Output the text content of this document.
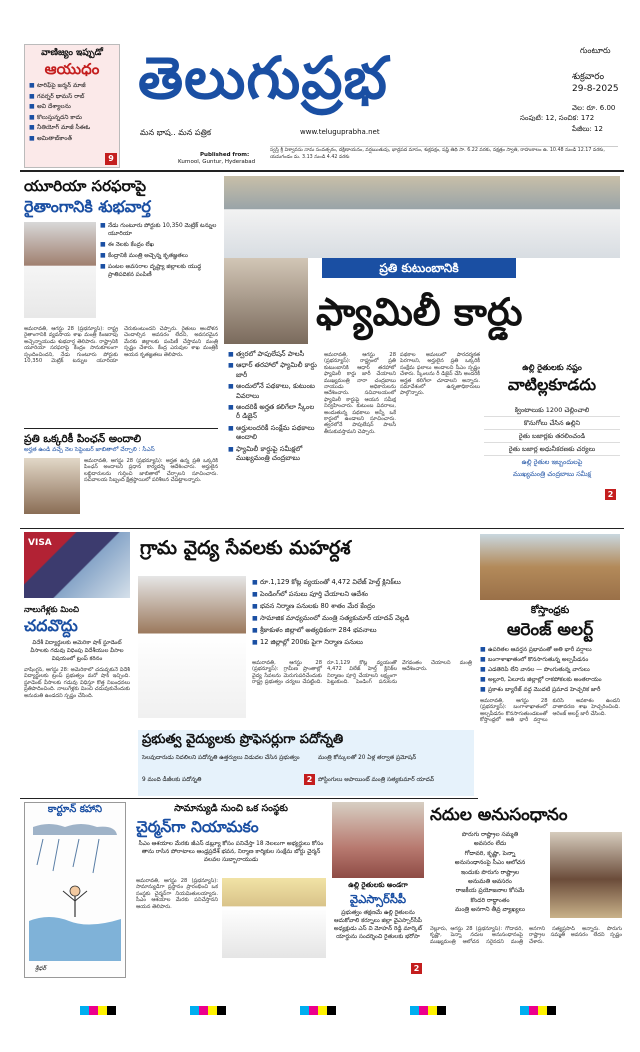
వాణిజ్యం ఇప్పుడో
ఆయుధం
■ టారిఫ్‌పై జర్మన్ మాజీ
■ గవర్నర్ థామస్ రాబ్
■ అవి దేశ్యాలను
■ కొలుస్తున్నదని కాదు
■ నీతియోగ్ మాజీ సీఈఓ
■ అమితాబ్‌కాంత్
9
తెలుగుప్రభ
మన భాష.. మన పత్రిక	www.teluguprabha.net
Published from:
Kurnool, Guntur, Hyderabad
గుంటూరు
శుక్రవారం
29-8-2025
వెల: రూ. 6.00
సంపుటి: 12, సంచిక: 172
పేజీలు: 12
స్వస్తి శ్రీ విశ్వావసు నామ సంవత్సరం, దక్షిణాయనం, వర్షఋతువు, భాద్రపద మాసం, శుక్లపక్షం, షష్ఠి తిథి సా. 6.22 వరకు, నక్షత్రం స్వాతి, రాహుకాలం ఉ. 10.48 నుండి 12.17 వరకు, యమగండం మ. 3.13 నుండి 4.42 వరకు
యూరియా సరఫరాపై
రైతాంగానికి శుభవార్త
■ నేడు గుంటూరు పోర్టుకు 10,350 మెట్రిక్ టన్నుల యూరియా
■ ఈ నెలకు కేంద్రం లేఖ
■ కేంద్రానికి మంత్రి అచ్చెన్న కృతజ్ఞతలు
■ పంటల అవసరాల దృష్ట్యా జిల్లాలకు యుద్ధ ప్రాతిపదికన పంపిణీ
అమరావతి, ఆగస్టు 28 (ప్రభన్యూస్): రాష్ట్ర రైతాంగానికి వ్యవసాయ శాఖ మంత్రి కింజరాపు అచ్చెన్నాయుడు శుభవార్త తెలిపారు. రాష్ట్రానికి యూరియా సరఫరాపై కేంద్రం సానుకూలంగా స్పందించిందని, నేడు గుంటూరు పోర్టుకు 10,350 మెట్రిక్ టన్నుల యూరియా చేరుకుంటుందని చెప్పారు. రైతులు ఆందోళన చెందాల్సిన అవసరం లేదని, అవసరమైన మేరకు జిల్లాలకు పంపిణీ చేస్తామని మంత్రి స్పష్టం చేశారు. కేంద్ర ఎరువుల శాఖ మంత్రికి ఆయన కృతజ్ఞతలు తెలిపారు.
ప్రతి ఒక్కరికీ పింఛన్ అందాలి
అర్హత ఉండి వచ్చే నెల సెప్టెంబర్ జాబితాలో చేర్చాలి : సీఎస్
అమరావతి, ఆగస్టు 28 (ప్రభన్యూస్): అర్హత ఉన్న ప్రతి ఒక్కరికీ పింఛన్ అందాలని ప్రధాన కార్యదర్శి ఆదేశించారు. అర్హులైన లబ్ధిదారులను గుర్తించి జాబితాలో చేర్చాలని సూచించారు. సచివాలయ సిబ్బంది క్షేత్రస్థాయిలో పరిశీలన చేపట్టాలన్నారు.
ప్రతి కుటుంబానికి
ఫ్యామిలీ కార్డు
■ త్వరలో పాపులేషన్ పాలసీ
■ ఆధార్ తరహాలో ఫ్యామిలీ కార్డు జారీ
■ అందులోనే పథకాలు, కుటుంబ వివరాలు
■ అందరికీ అర్హత కలిగేలా స్కీంల రీ డిజైన్
■ అర్హులందరికీ సంక్షేమ పథకాలు అందాలి
■ ఫ్యామిలీ కార్డుపై సమీక్షలో ముఖ్యమంత్రి చంద్రబాబు
అమరావతి, ఆగస్టు 28 (ప్రభన్యూస్): రాష్ట్రంలో ప్రతి కుటుంబానికి ఆధార్ తరహాలో ఫ్యామిలీ కార్డు జారీ చేయాలని ముఖ్యమంత్రి నారా చంద్రబాబు నాయుడు అధికారులను ఆదేశించారు. సచివాలయంలో ఫ్యామిలీ కార్డుపై ఆయన సమీక్ష నిర్వహించారు. కుటుంబ వివరాలు, అందుతున్న పథకాలు అన్నీ ఒకే కార్డులో ఉండాలని సూచించారు. త్వరలోనే పాపులేషన్ పాలసీ తీసుకువస్తామని చెప్పారు.
పథకాల అమలులో పారదర్శకత పెరగాలని, అర్హులైన ప్రతి ఒక్కరికీ సంక్షేమ ఫలాలు అందాలని సీఎం స్పష్టం చేశారు. స్కీంలను రీ డిజైన్ చేసి అందరికీ అర్హత కలిగేలా చూడాలని అన్నారు. సమావేశంలో ఉన్నతాధికారులు పాల్గొన్నారు.
ఉల్లి రైతులకు నష్టం
వాటిల్లకూడదు
క్వింటాలుకు 1200 చెల్లించాలి
కొనుగోలు చేసిన ఉల్లిని
రైతు బజార్లకు తరలించండి
రైతు బజార్ల అధునీకరణకు చర్యలు
ఉల్లి రైతుల ఇబ్బందులపై
ముఖ్యమంత్రి చంద్రబాబు సమీక్ష
2
VISA
నాలుగేళ్లకు మించి
చదవొద్దు
విదేశీ విద్యార్థులకు అమెరికా షాక్ స్టూడెంట్ వీసాలకు గడువు విధింపు విదేశీయుల వీసాల విషయంలో ట్రంప్ కఠినం
వాషింగ్టన్, ఆగస్టు 28: అమెరికాలో చదువుకునే విదేశీ విద్యార్థులకు ట్రంప్ ప్రభుత్వం మరో షాక్ ఇచ్చింది. స్టూడెంట్ వీసాలకు గడువు విధిస్తూ కొత్త నిబంధనలు ప్రతిపాదించింది. నాలుగేళ్లకు మించి చదువుకునేందుకు అనుమతి ఉండదని స్పష్టం చేసింది.
గ్రామ వైద్య సేవలకు మహర్దశ
■ రూ.1,129 కోట్ల వ్యయంతో 4,472 విలేజ్ హెల్త్ క్లినిక్‌లు
■ పెండింగ్‌లో పనులు పూర్తి చేయాలని ఆదేశం
■ భవన నిర్మాణ పనులకు 80 శాతం మేర కేంద్రం
■ సామాజిక మాధ్యమంలో మంత్రి సత్యకుమార్ యాదవ్ వెల్లడి
■ శ్రీకాకుళం జిల్లాలో అత్యధికంగా 284 భవనాలు
■ 12 జిల్లాల్లో 200కు పైగా నిర్మాణ పనులు
అమరావతి, ఆగస్టు 28 (ప్రభన్యూస్): గ్రామీణ ప్రాంతాల్లో వైద్య సేవలను మెరుగుపరిచేందుకు రాష్ట్ర ప్రభుత్వం చర్యలు చేపట్టింది. రూ.1,129 కోట్ల వ్యయంతో 4,472 విలేజ్ హెల్త్ క్లినిక్‌ల నిర్మాణం పూర్తి చేయాలని లక్ష్యంగా పెట్టుకుంది. పెండింగ్ పనులను వేగవంతం చేయాలని మంత్రి ఆదేశించారు.
ప్రభుత్వ వైద్యులకు ప్రొఫెసర్లుగా పదోన్నతి
సెలవుదారుడు నిదలిలని పదోన్నతి ఉత్తర్వులు విడుదల చేసిన ప్రభుత్వం	మంత్రి కోన్కులతో 20 ఏళ్ల తర్వాత ప్రమోషన్
9 మంది డీజీలకు పదోన్నతి	పోస్టింగులు అపాయింట్ మంత్రి సత్యకుమార్ యాదవ్
2
కోస్తాంధ్రకు
ఆరెంజ్ అలర్ట్
■ ఉపరితల ఆవర్తన ప్రభావంతో అతి భారీ వర్షాలు
■ బంగాళాఖాతంలో కొనసాగుతున్న అల్పపీడనం
■ ఎడతెరిపి లేని వానల — పొంగుతున్న వాగులు
■ అల్లూరి, ఏలూరు జిల్లాల్లో రాకపోకలకు అంతరాయం
■ ప్రకాశం బ్యారేజ్ వద్ద మొదటి ప్రమాద హెచ్చరిక జారీ
అమరావతి, ఆగస్టు 28 (ప్రభన్యూస్): బంగాళాఖాతంలో అల్పపీడనం కొనసాగుతుండటంతో కోస్తాంధ్రలో అతి భారీ వర్షాలు కురిసే అవకాశం ఉందని వాతావరణ శాఖ హెచ్చరించింది. ఆరెంజ్ అలర్ట్ జారీ చేసింది.
కార్టూన్ కహాని
శ్రీధర్
సామాన్యుడి నుంచి ఒక సంస్థకు
చైర్మన్‌గా నియామకం
సీఎం ఆశయాల మేరకు జీఎస్ డబ్ల్యూ కోసం పనిచేస్తా 18 నెలలుగా అభ్యర్థులు కోసం తాను రాసిన పోరాటాలు ఆంధ్రప్రదేశ్ భవన, నిర్మాణ కార్మికుల సంక్షేమ బోర్డు చైర్మన్ వలవల సుబ్బారాయుడు
అమరావతి, ఆగస్టు 28 (ప్రభన్యూస్): సామాన్యుడిగా ప్రస్థానం ప్రారంభించి ఒక సంస్థకు చైర్మన్‌గా నియమితులయ్యారు. సీఎం ఆశయాల మేరకు పనిచేస్తానని ఆయన తెలిపారు.
ఉల్లి రైతులకు అండగా
వైఎస్సార్‌సీపీ
ప్రభుత్వం తక్షణమే ఉల్లి రైతులను ఆదుకోవాలి కర్నూలు జిల్లా వైఎస్సార్‌సీపీ అధ్యక్షుడు ఎస్ వి మోహన్ రెడ్డి మార్కెట్ యార్డును సందర్శించి రైతులకు భరోసా
2
నదుల అనుసంధానం
పొరుగు రాష్ట్రాల సమ్మతి
అవసరం లేదు
గోదావరి, కృష్ణా, పెన్నా
అనుసంధానంపై సీఎం ఆలోచన
ఇందుకు పొరుగు రాష్ట్రాల
అనుమతి అవసరం
రాజకీయ ప్రయోజనాల కోసమే
కొందరి రాద్ధాంతం
మంత్రి అనగాని తీవ్ర వ్యాఖ్యలు
నెల్లూరు, ఆగస్టు 28 (ప్రభన్యూస్): గోదావరి, కృష్ణా, పెన్నా నదుల అనుసంధానంపై ముఖ్యమంత్రి ఆలోచన సరైనదని మంత్రి అనగాని సత్యప్రసాద్ అన్నారు. పొరుగు రాష్ట్రాల సమ్మతి అవసరం లేదని స్పష్టం చేశారు.
